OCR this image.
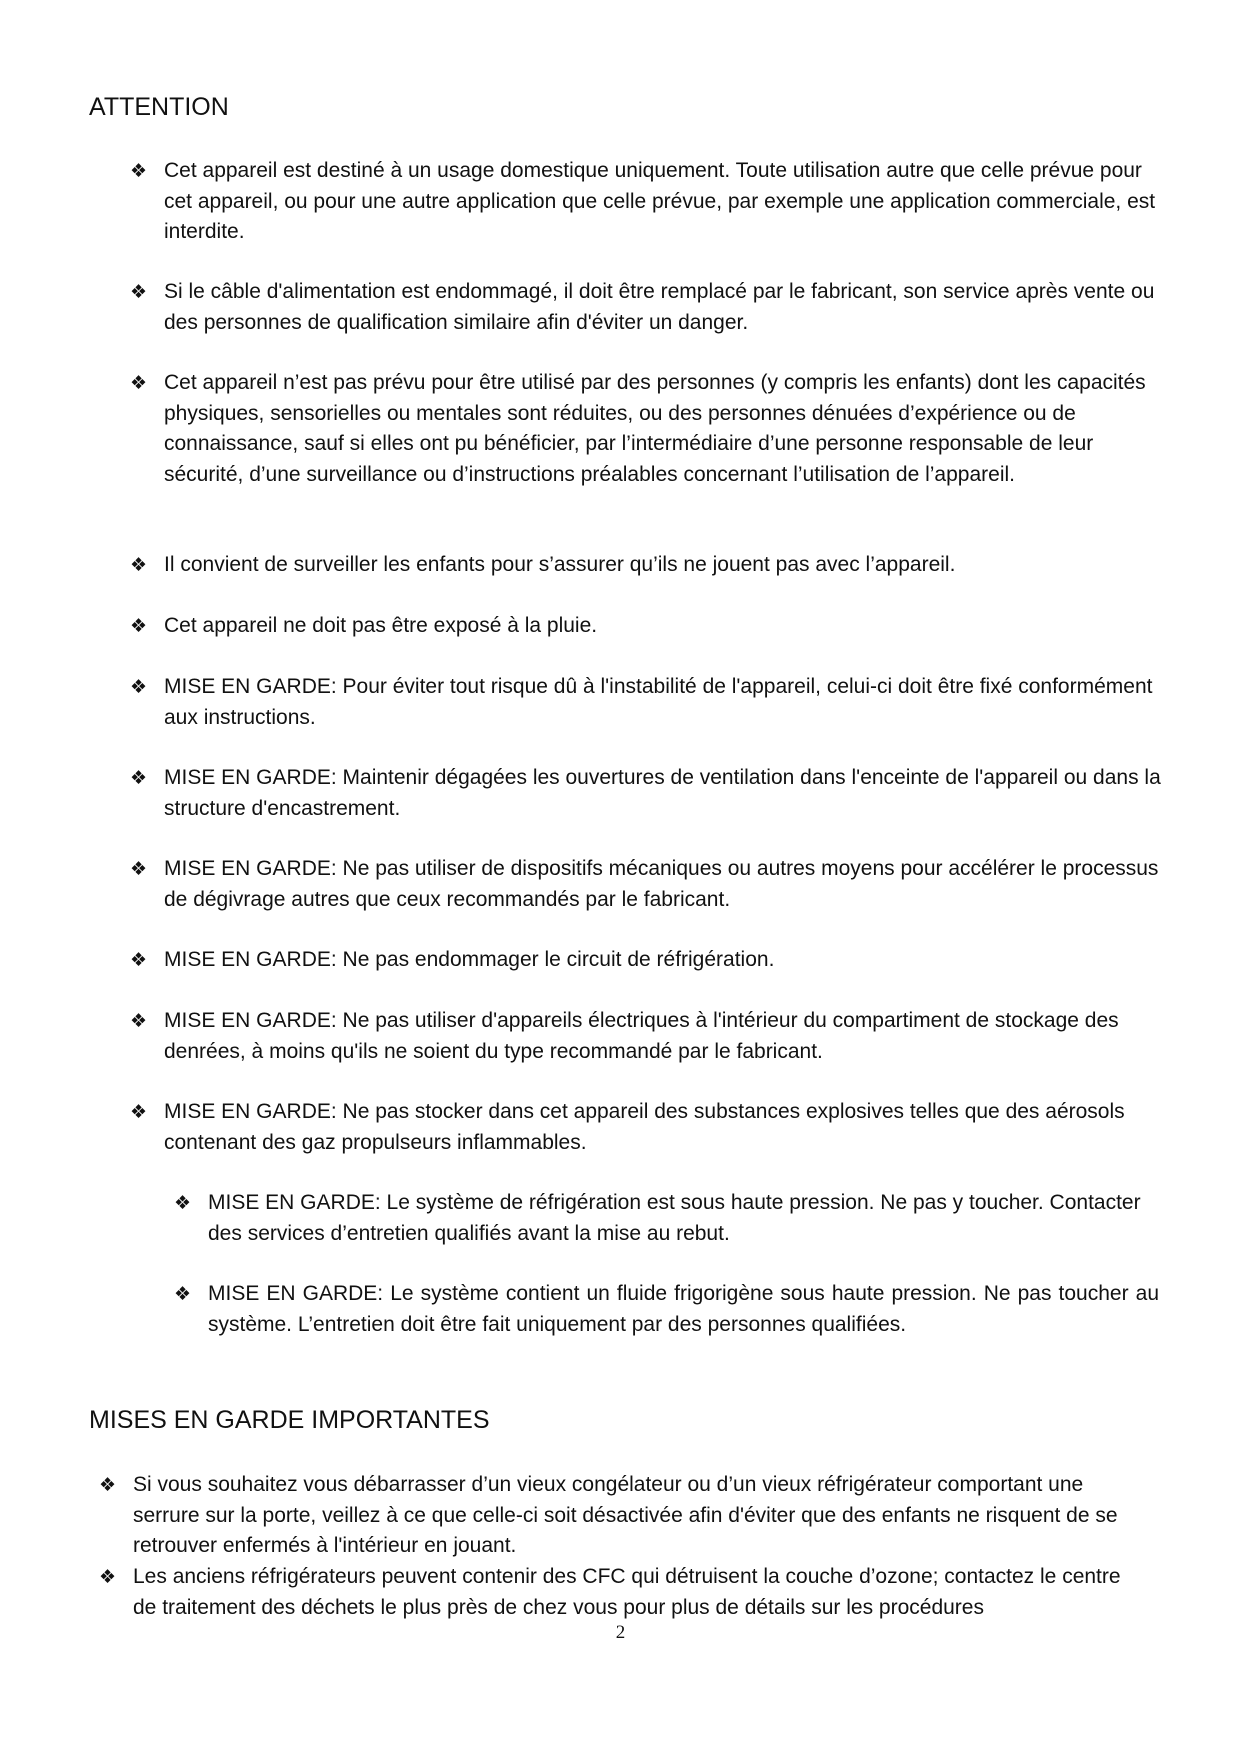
ATTENTION
❖ Cet appareil est destiné à un usage domestique uniquement. Toute utilisation autre que celle prévue pour cet appareil, ou pour une autre application que celle prévue, par exemple une application commerciale, est interdite.
❖ Si le câble d'alimentation est endommagé, il doit être remplacé par le fabricant, son service après vente ou des personnes de qualification similaire afin d'éviter un danger.
❖ Cet appareil n’est pas prévu pour être utilisé par des personnes (y compris les enfants) dont les capacités physiques, sensorielles ou mentales sont réduites, ou des personnes dénuées d’expérience ou de connaissance, sauf si elles ont pu bénéficier, par l’intermédiaire d’une personne responsable de leur sécurité, d’une surveillance ou d’instructions préalables concernant l’utilisation de l’appareil.
❖ Il convient de surveiller les enfants pour s’assurer qu’ils ne jouent pas avec l’appareil.
❖ Cet appareil ne doit pas être exposé à la pluie.
❖ MISE EN GARDE: Pour éviter tout risque dû à l'instabilité de l'appareil, celui-ci doit être fixé conformément aux instructions.
❖ MISE EN GARDE: Maintenir dégagées les ouvertures de ventilation dans l'enceinte de l'appareil ou dans la structure d'encastrement.
❖ MISE EN GARDE: Ne pas utiliser de dispositifs mécaniques ou autres moyens pour accélérer le processus de dégivrage autres que ceux recommandés par le fabricant.
❖ MISE EN GARDE: Ne pas endommager le circuit de réfrigération.
❖ MISE EN GARDE: Ne pas utiliser d'appareils électriques à l'intérieur du compartiment de stockage des denrées, à moins qu'ils ne soient du type recommandé par le fabricant.
❖ MISE EN GARDE: Ne pas stocker dans cet appareil des substances explosives telles que des aérosols contenant des gaz propulseurs inflammables.
❖ MISE EN GARDE: Le système de réfrigération est sous haute pression. Ne pas y toucher. Contacter des services d’entretien qualifiés avant la mise au rebut.
❖ MISE EN GARDE: Le système contient un fluide frigorigène sous haute pression. Ne pas toucher au système. L’entretien doit être fait uniquement par des personnes qualifiées.
MISES EN GARDE IMPORTANTES
❖ Si vous souhaitez vous débarrasser d’un vieux congélateur ou d’un vieux réfrigérateur comportant une serrure sur la porte, veillez à ce que celle-ci soit désactivée afin d'éviter que des enfants ne risquent de se retrouver enfermés à l'intérieur en jouant.
❖ Les anciens réfrigérateurs peuvent contenir des CFC qui détruisent la couche d’ozone; contactez le centre de traitement des déchets le plus près de chez vous pour plus de détails sur les procédures
2
